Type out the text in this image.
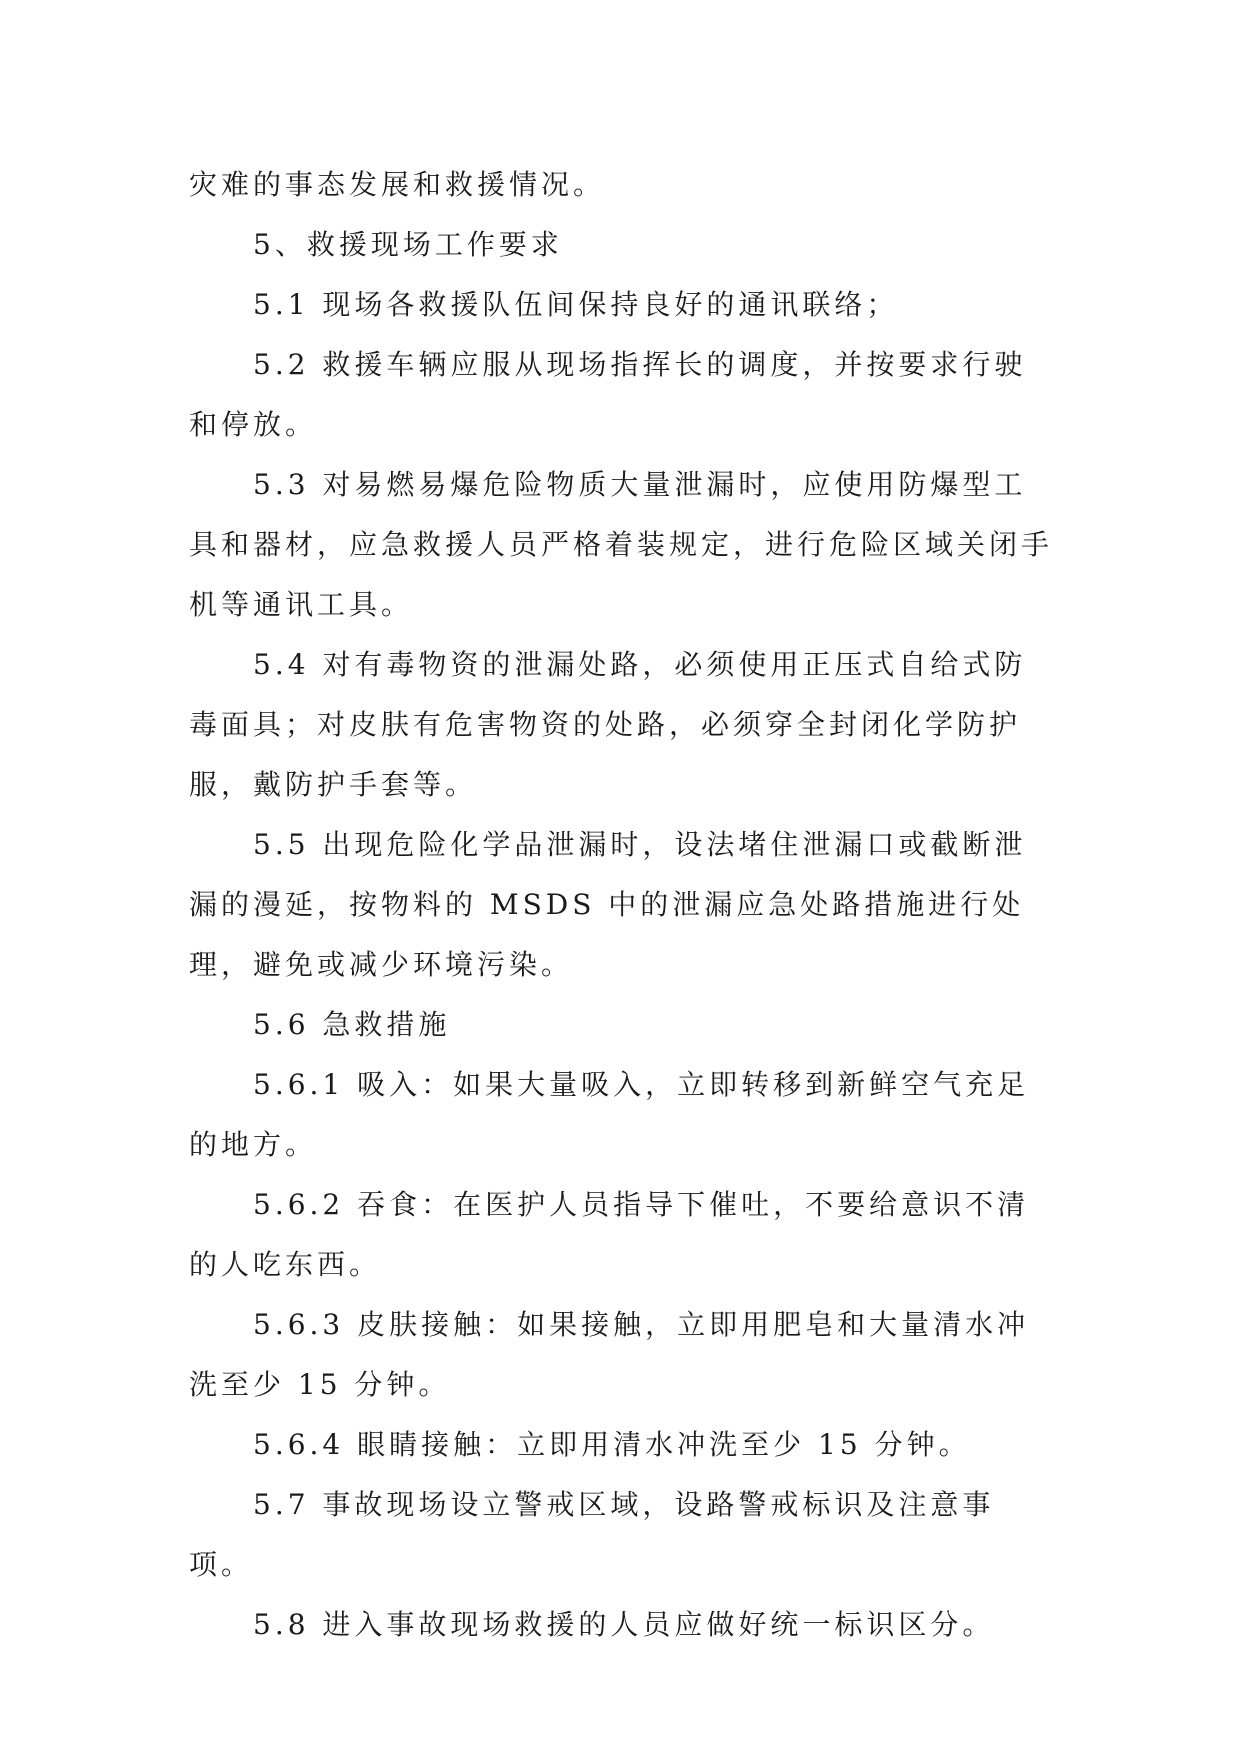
灾难的事态发展和救援情况。

5、救援现场工作要求

5.1 现场各救援队伍间保持良好的通讯联络；

5.2 救援车辆应服从现场指挥长的调度，并按要求行驶和停放。

5.3 对易燃易爆危险物质大量泄漏时，应使用防爆型工具和器材，应急救援人员严格着装规定，进行危险区域关闭手机等通讯工具。

5.4 对有毒物资的泄漏处路，必须使用正压式自给式防毒面具；对皮肤有危害物资的处路，必须穿全封闭化学防护服，戴防护手套等。

5.5 出现危险化学品泄漏时，设法堵住泄漏口或截断泄漏的漫延，按物料的 MSDS 中的泄漏应急处路措施进行处理，避免或减少环境污染。

5.6 急救措施

5.6.1 吸入：如果大量吸入，立即转移到新鲜空气充足的地方。

5.6.2 吞食：在医护人员指导下催吐，不要给意识不清的人吃东西。

5.6.3 皮肤接触：如果接触，立即用肥皂和大量清水冲洗至少 15 分钟。

5.6.4 眼睛接触：立即用清水冲洗至少 15 分钟。

5.7 事故现场设立警戒区域，设路警戒标识及注意事项。

5.8 进入事故现场救援的人员应做好统一标识区分。
